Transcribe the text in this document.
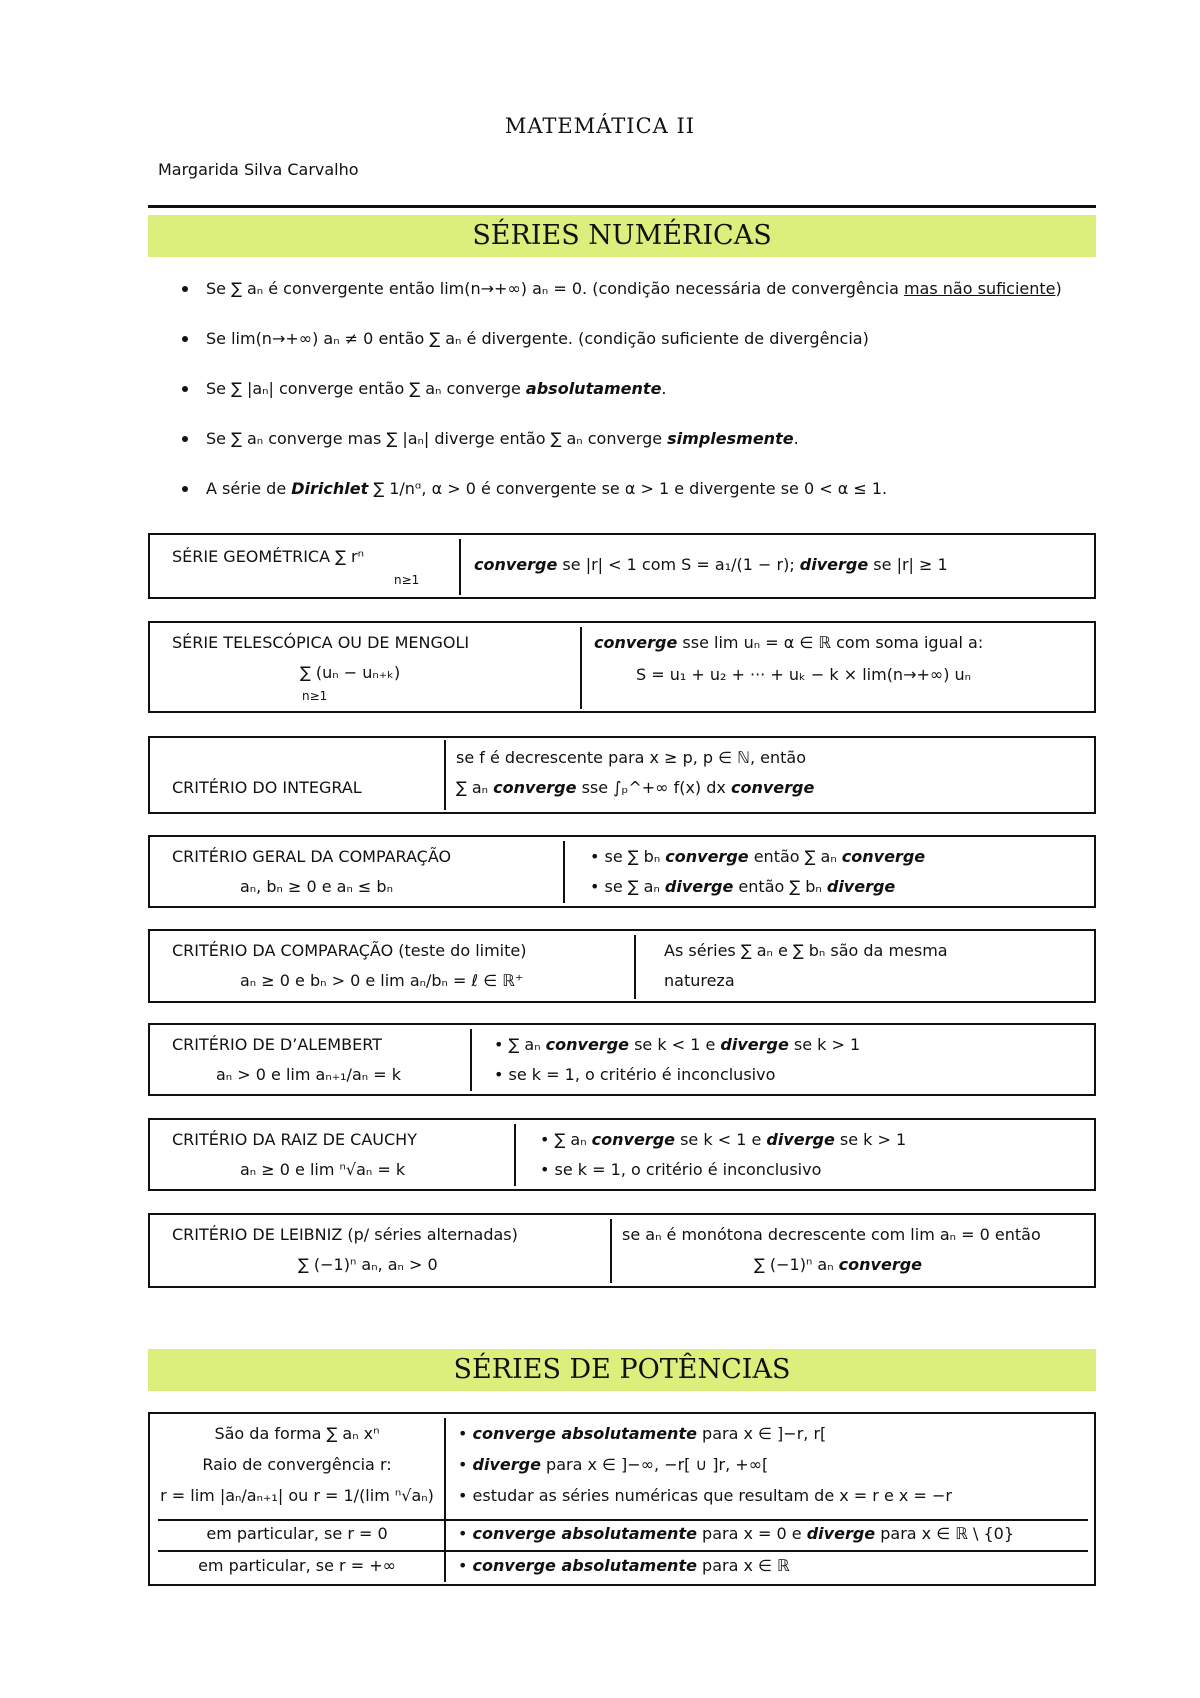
MATEMÁTICA II
Margarida Silva Carvalho
SÉRIES NUMÉRICAS
Se ∑ aₙ é convergente então lim(n→+∞) aₙ = 0. (condição necessária de convergência mas não suficiente)
Se lim(n→+∞) aₙ ≠ 0 então ∑ aₙ é divergente. (condição suficiente de divergência)
Se ∑ |aₙ| converge então ∑ aₙ converge absolutamente.
Se ∑ aₙ converge mas ∑ |aₙ| diverge então ∑ aₙ converge simplesmente.
A série de Dirichlet ∑ 1/nᵅ, α > 0 é convergente se α > 1 e divergente se 0 < α ≤ 1.
SÉRIE GEOMÉTRICA ∑ rⁿ
n≥1
converge se |r| < 1 com S = a₁/(1 − r); diverge se |r| ≥ 1
SÉRIE TELESCÓPICA OU DE MENGOLI
∑ (uₙ − uₙ₊ₖ)
n≥1
converge sse lim uₙ = α ∈ ℝ com soma igual a:
S = u₁ + u₂ + ··· + uₖ − k × lim(n→+∞) uₙ
CRITÉRIO DO INTEGRAL
se f é decrescente para x ≥ p, p ∈ ℕ, então
∑ aₙ converge sse ∫ₚ^+∞ f(x) dx converge
CRITÉRIO GERAL DA COMPARAÇÃO
aₙ, bₙ ≥ 0 e aₙ ≤ bₙ
• se ∑ bₙ converge então ∑ aₙ converge
• se ∑ aₙ diverge então ∑ bₙ diverge
CRITÉRIO DA COMPARAÇÃO (teste do limite)
aₙ ≥ 0 e bₙ > 0 e lim aₙ/bₙ = ℓ ∈ ℝ⁺
As séries ∑ aₙ e ∑ bₙ são da mesma
natureza
CRITÉRIO DE D’ALEMBERT
aₙ > 0 e lim aₙ₊₁/aₙ = k
• ∑ aₙ converge se k < 1 e diverge se k > 1
• se k = 1, o critério é inconclusivo
CRITÉRIO DA RAIZ DE CAUCHY
aₙ ≥ 0 e lim ⁿ√aₙ = k
• ∑ aₙ converge se k < 1 e diverge se k > 1
• se k = 1, o critério é inconclusivo
CRITÉRIO DE LEIBNIZ (p/ séries alternadas)
∑ (−1)ⁿ aₙ, aₙ > 0
se aₙ é monótona decrescente com lim aₙ = 0 então
∑ (−1)ⁿ aₙ converge
SÉRIES DE POTÊNCIAS
São da forma ∑ aₙ xⁿ
Raio de convergência r:
r = lim |aₙ/aₙ₊₁| ou r = 1/(lim ⁿ√aₙ)
• converge absolutamente para x ∈ ]−r, r[
• diverge para x ∈ ]−∞, −r[ ∪ ]r, +∞[
• estudar as séries numéricas que resultam de x = r e x = −r
em particular, se r = 0	• converge absolutamente para x = 0 e diverge para x ∈ ℝ \ {0}
em particular, se r = +∞	• converge absolutamente para x ∈ ℝ
